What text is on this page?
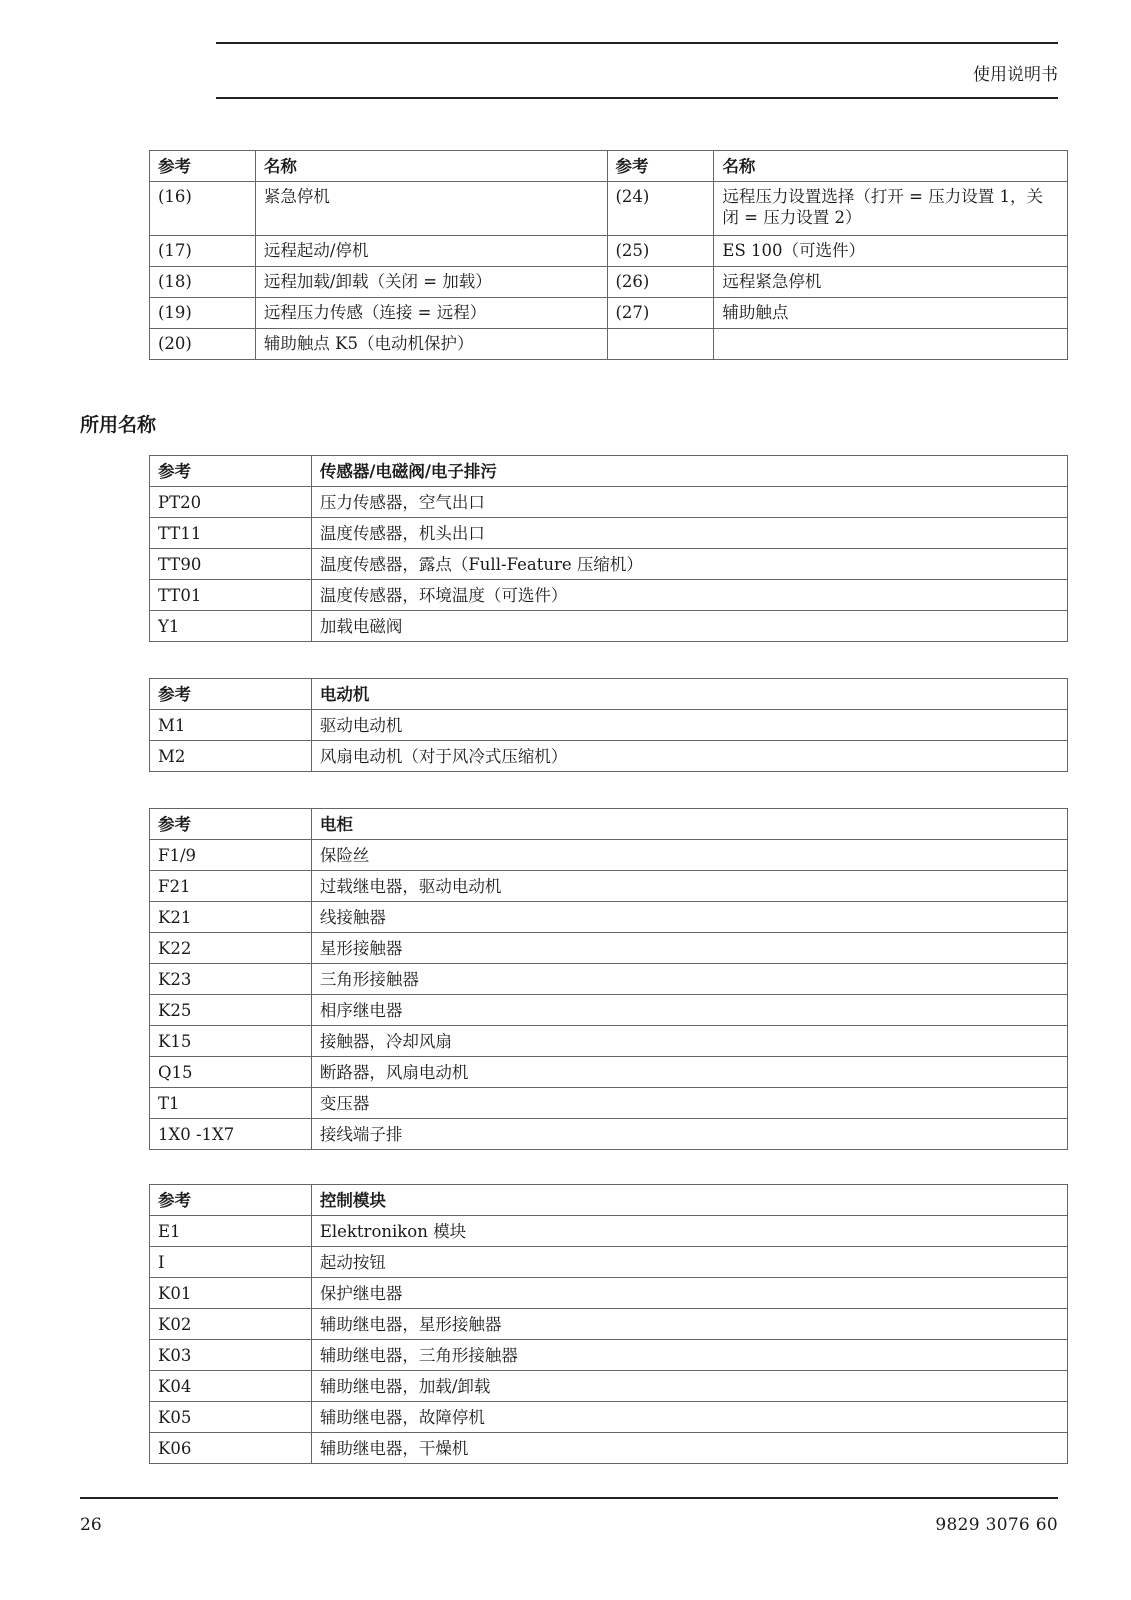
使用说明书
参考	名称	参考	名称
(16)	紧急停机	(24)	远程压力设置选择（打开 = 压力设置 1，关闭 = 压力设置 2）
(17)	远程起动/停机	(25)	ES 100（可选件）
(18)	远程加载/卸载（关闭 = 加载）	(26)	远程紧急停机
(19)	远程压力传感（连接 = 远程）	(27)	辅助触点
(20)	辅助触点 K5（电动机保护）		
所用名称
参考	传感器/电磁阀/电子排污
PT20	压力传感器，空气出口
TT11	温度传感器，机头出口
TT90	温度传感器，露点（Full-Feature 压缩机）
TT01	温度传感器，环境温度（可选件）
Y1	加载电磁阀
参考	电动机
M1	驱动电动机
M2	风扇电动机（对于风冷式压缩机）
参考	电柜
F1/9	保险丝
F21	过载继电器，驱动电动机
K21	线接触器
K22	星形接触器
K23	三角形接触器
K25	相序继电器
K15	接触器，冷却风扇
Q15	断路器，风扇电动机
T1	变压器
1X0 -1X7	接线端子排
参考	控制模块
E1	Elektronikon 模块
I	起动按钮
K01	保护继电器
K02	辅助继电器，星形接触器
K03	辅助继电器，三角形接触器
K04	辅助继电器，加载/卸载
K05	辅助继电器，故障停机
K06	辅助继电器，干燥机
26	9829 3076 60
